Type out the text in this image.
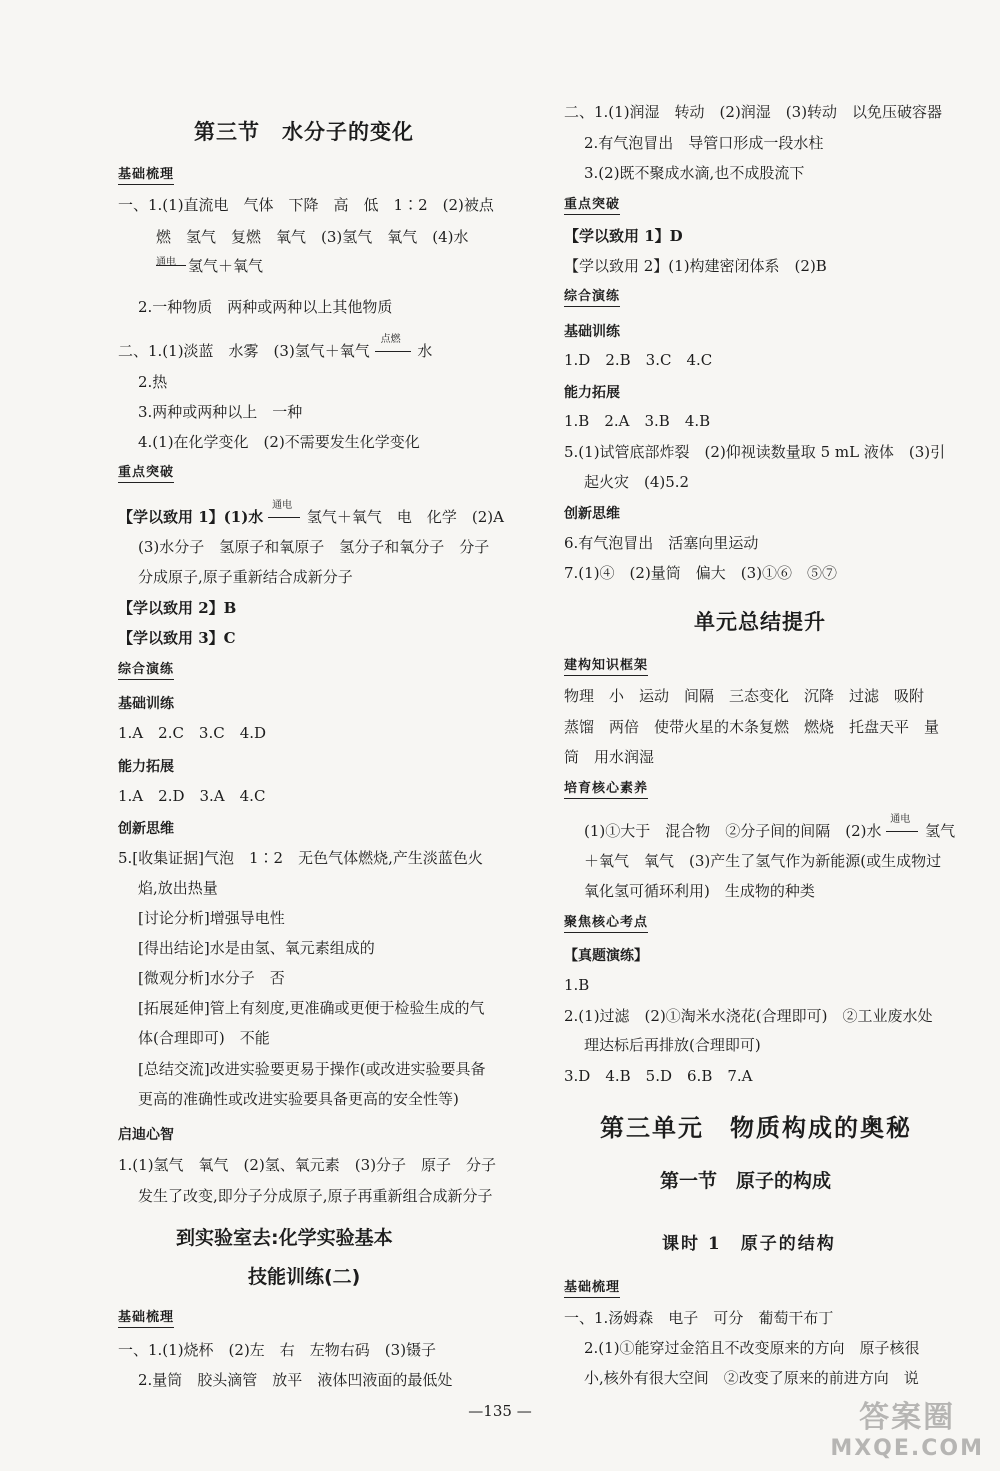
第三节　水分子的变化
基础梳理
一、1.(1)直流电　气体　下降　高　低　1∶2　(2)被点
燃　氢气　复燃　氧气　(3)氢气　氧气　(4)水
通电 氢气＋氧气
2.一种物质　两种或两种以上其他物质
二、1.(1)淡蓝　水雾　(3)氢气＋氧气
点燃
水
2.热
3.两种或两种以上　一种
4.(1)在化学变化　(2)不需要发生化学变化
重点突破
【学以致用 1】(1)水
通电
氢气＋氧气　电　化学　(2)A
(3)水分子　氢原子和氧原子　氢分子和氧分子　分子
分成原子,原子重新结合成新分子
【学以致用 2】B
【学以致用 3】C
综合演练
基础训练
1.A　2.C　3.C　4.D
能力拓展
1.A　2.D　3.A　4.C
创新思维
5.[收集证据]气泡　1∶2　无色气体燃烧,产生淡蓝色火
焰,放出热量
[讨论分析]增强导电性
[得出结论]水是由氢、氧元素组成的
[微观分析]水分子　否
[拓展延伸]管上有刻度,更准确或更便于检验生成的气
体(合理即可)　不能
[总结交流]改进实验要更易于操作(或改进实验要具备
更高的准确性或改进实验要具备更高的安全性等)
启迪心智
1.(1)氢气　氧气　(2)氢、氧元素　(3)分子　原子　分子
发生了改变,即分子分成原子,原子再重新组合成新分子
到实验室去:化学实验基本
技能训练(二)
基础梳理
一、1.(1)烧杯　(2)左　右　左物右码　(3)镊子
2.量筒　胶头滴管　放平　液体凹液面的最低处
二、1.(1)润湿　转动　(2)润湿　(3)转动　以免压破容器
2.有气泡冒出　导管口形成一段水柱
3.(2)既不聚成水滴,也不成股流下
重点突破
【学以致用 1】D
【学以致用 2】(1)构建密闭体系　(2)B
综合演练
基础训练
1.D　2.B　3.C　4.C
能力拓展
1.B　2.A　3.B　4.B
5.(1)试管底部炸裂　(2)仰视读数量取 5 mL 液体　(3)引
起火灾　(4)5.2
创新思维
6.有气泡冒出　活塞向里运动
7.(1)④　(2)量筒　偏大　(3)①⑥　⑤⑦
单元总结提升
建构知识框架
物理　小　运动　间隔　三态变化　沉降　过滤　吸附
蒸馏　两倍　使带火星的木条复燃　燃烧　托盘天平　量
筒　用水润湿
培育核心素养
(1)①大于　混合物　②分子间的间隔　(2)水
通电
氢气
＋氧气　氧气　(3)产生了氢气作为新能源(或生成物过
氧化氢可循环利用)　生成物的种类
聚焦核心考点
【真题演练】
1.B
2.(1)过滤　(2)①淘米水浇花(合理即可)　②工业废水处
理达标后再排放(合理即可)
3.D　4.B　5.D　6.B　7.A
第三单元　物质构成的奥秘
第一节　原子的构成
课时 1　原子的结构
基础梳理
一、1.汤姆森　电子　可分　葡萄干布丁
2.(1)①能穿过金箔且不改变原来的方向　原子核很
小,核外有很大空间　②改变了原来的前进方向　说
—135 —	答案圈
MXQE.COM
